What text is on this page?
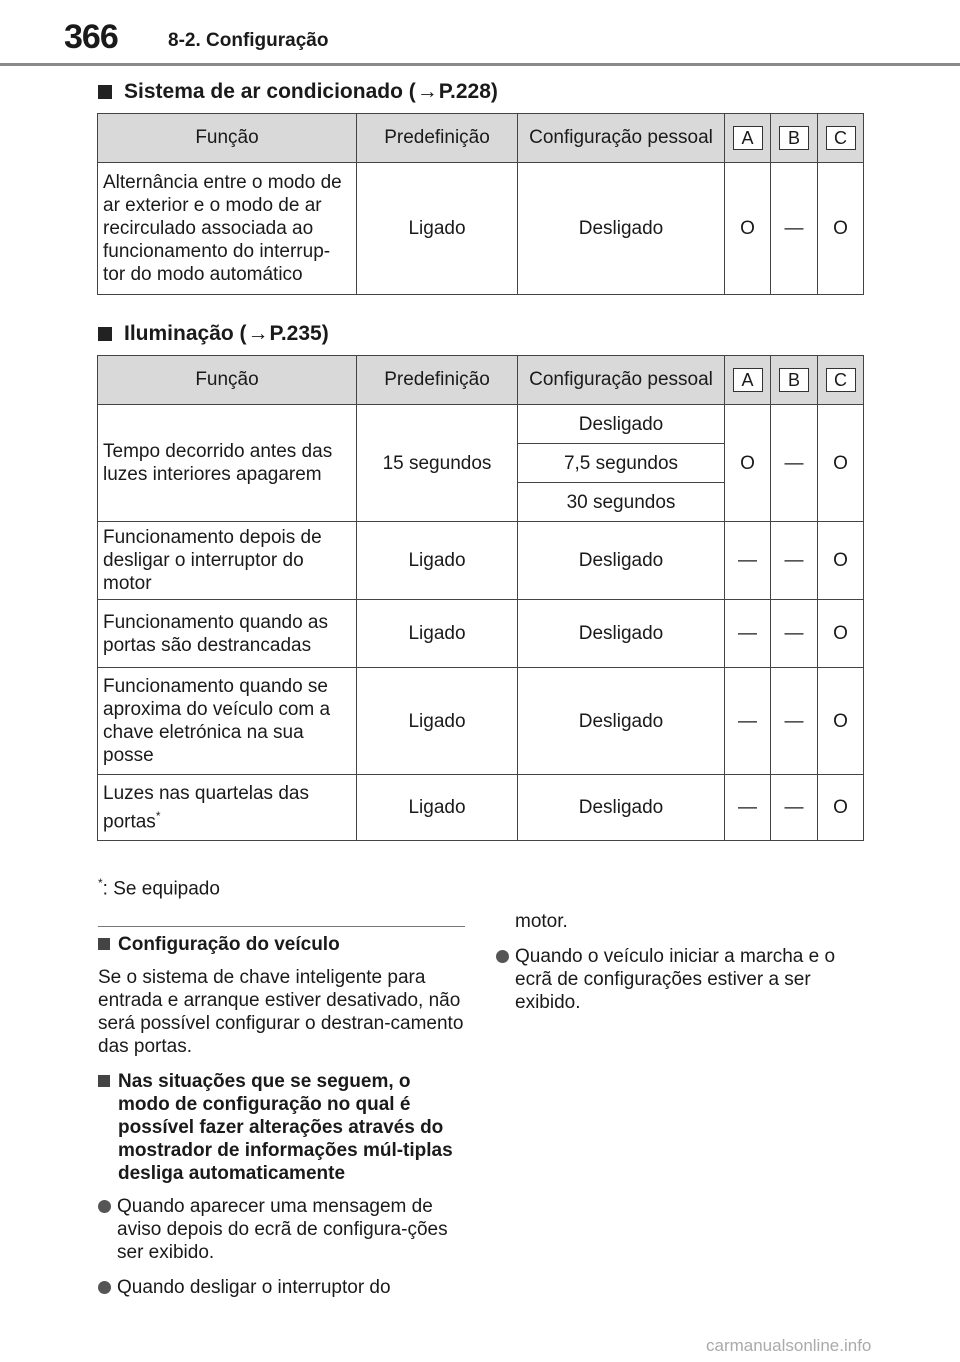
366	8-2. Configuração
Sistema de ar condicionado ( → P.228)
Função	Predefinição	Configuração pessoal	A	B	C
Alternância entre o modo de ar exterior e o modo de ar recirculado associada ao funcionamento do interrup-tor do modo automático	Ligado	Desligado	O	—	O
Iluminação ( → P.235)
Função	Predefinição	Configuração pessoal	A	B	C
Tempo decorrido antes das luzes interiores apagarem	15 segundos	Desligado	O	—	O
		7,5 segundos			
		30 segundos			
Funcionamento depois de desligar o interruptor do motor	Ligado	Desligado	—	—	O
Funcionamento quando as portas são destrancadas	Ligado	Desligado	—	—	O
Funcionamento quando se aproxima do veículo com a chave eletrónica na sua posse	Ligado	Desligado	—	—	O
Luzes nas quartelas das portas*	Ligado	Desligado	—	—	O
*: Se equipado
Configuração do veículo

Se o sistema de chave inteligente para entrada e arranque estiver desativado, não será possível configurar o destran-camento das portas.

Nas situações que se seguem, o modo de configuração no qual é possível fazer alterações através do mostrador de informações múl-tiplas desliga automaticamente
Quando aparecer uma mensagem de aviso depois do ecrã de configura-ções ser exibido.
Quando desligar o interruptor do

motor.

Quando o veículo iniciar a marcha e o ecrã de configurações estiver a ser exibido.
carmanualsonline.info
